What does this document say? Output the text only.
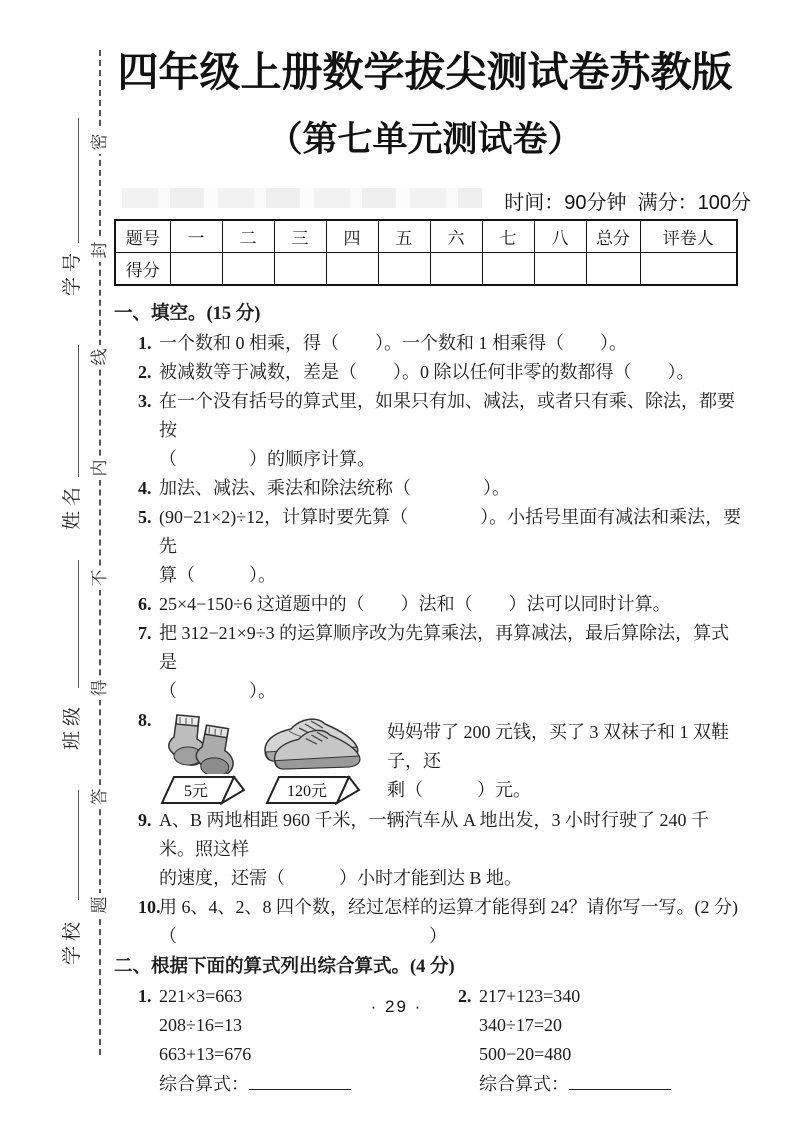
密
封
线
内
不
得
答
题
学号
姓名
班级
学校
四年级上册数学拔尖测试卷苏教版
（第七单元测试卷）
时间：90分钟  满分：100分
题号	一	二	三	四	五	六	七	八	总分	评卷人
得分										
一、填空。(15 分)
1. 一个数和 0 相乘，得（　　）。一个数和 1 相乘得（　　）。
2. 被减数等于减数，差是（　　）。0 除以任何非零的数都得（　　）。
3. 在一个没有括号的算式里，如果只有加、减法，或者只有乘、除法，都要按
（　　　　）的顺序计算。
4. 加法、减法、乘法和除法统称（　　　　）。
5. (90−21×2)÷12，计算时要先算（　　　　）。小括号里面有减法和乘法，要先
算（　　　）。
6. 25×4−150÷6 这道题中的（　　）法和（　　）法可以同时计算。
7. 把 312−21×9÷3 的运算顺序改为先算乘法，再算减法，最后算除法，算式是
（　　　　）。
8.
5元	120元
妈妈带了 200 元钱，买了 3 双袜子和 1 双鞋子，还
剩（　　　）元。
9. A、B 两地相距 960 千米，一辆汽车从 A 地出发，3 小时行驶了 240 千米。照这样
的速度，还需（　　　）小时才能到达 B 地。
10.
用 6、4、2、8 四个数，经过怎样的运算才能得到 24？请你写一写。(2 分)
（　　　　　　　　　　　　　　）
二、根据下面的算式列出综合算式。(4 分)
1. 221×3=663
208÷16=13
663+13=676
综合算式：
2. 217+123=340
340÷17=20
500−20=480
综合算式：
· 29 ·
